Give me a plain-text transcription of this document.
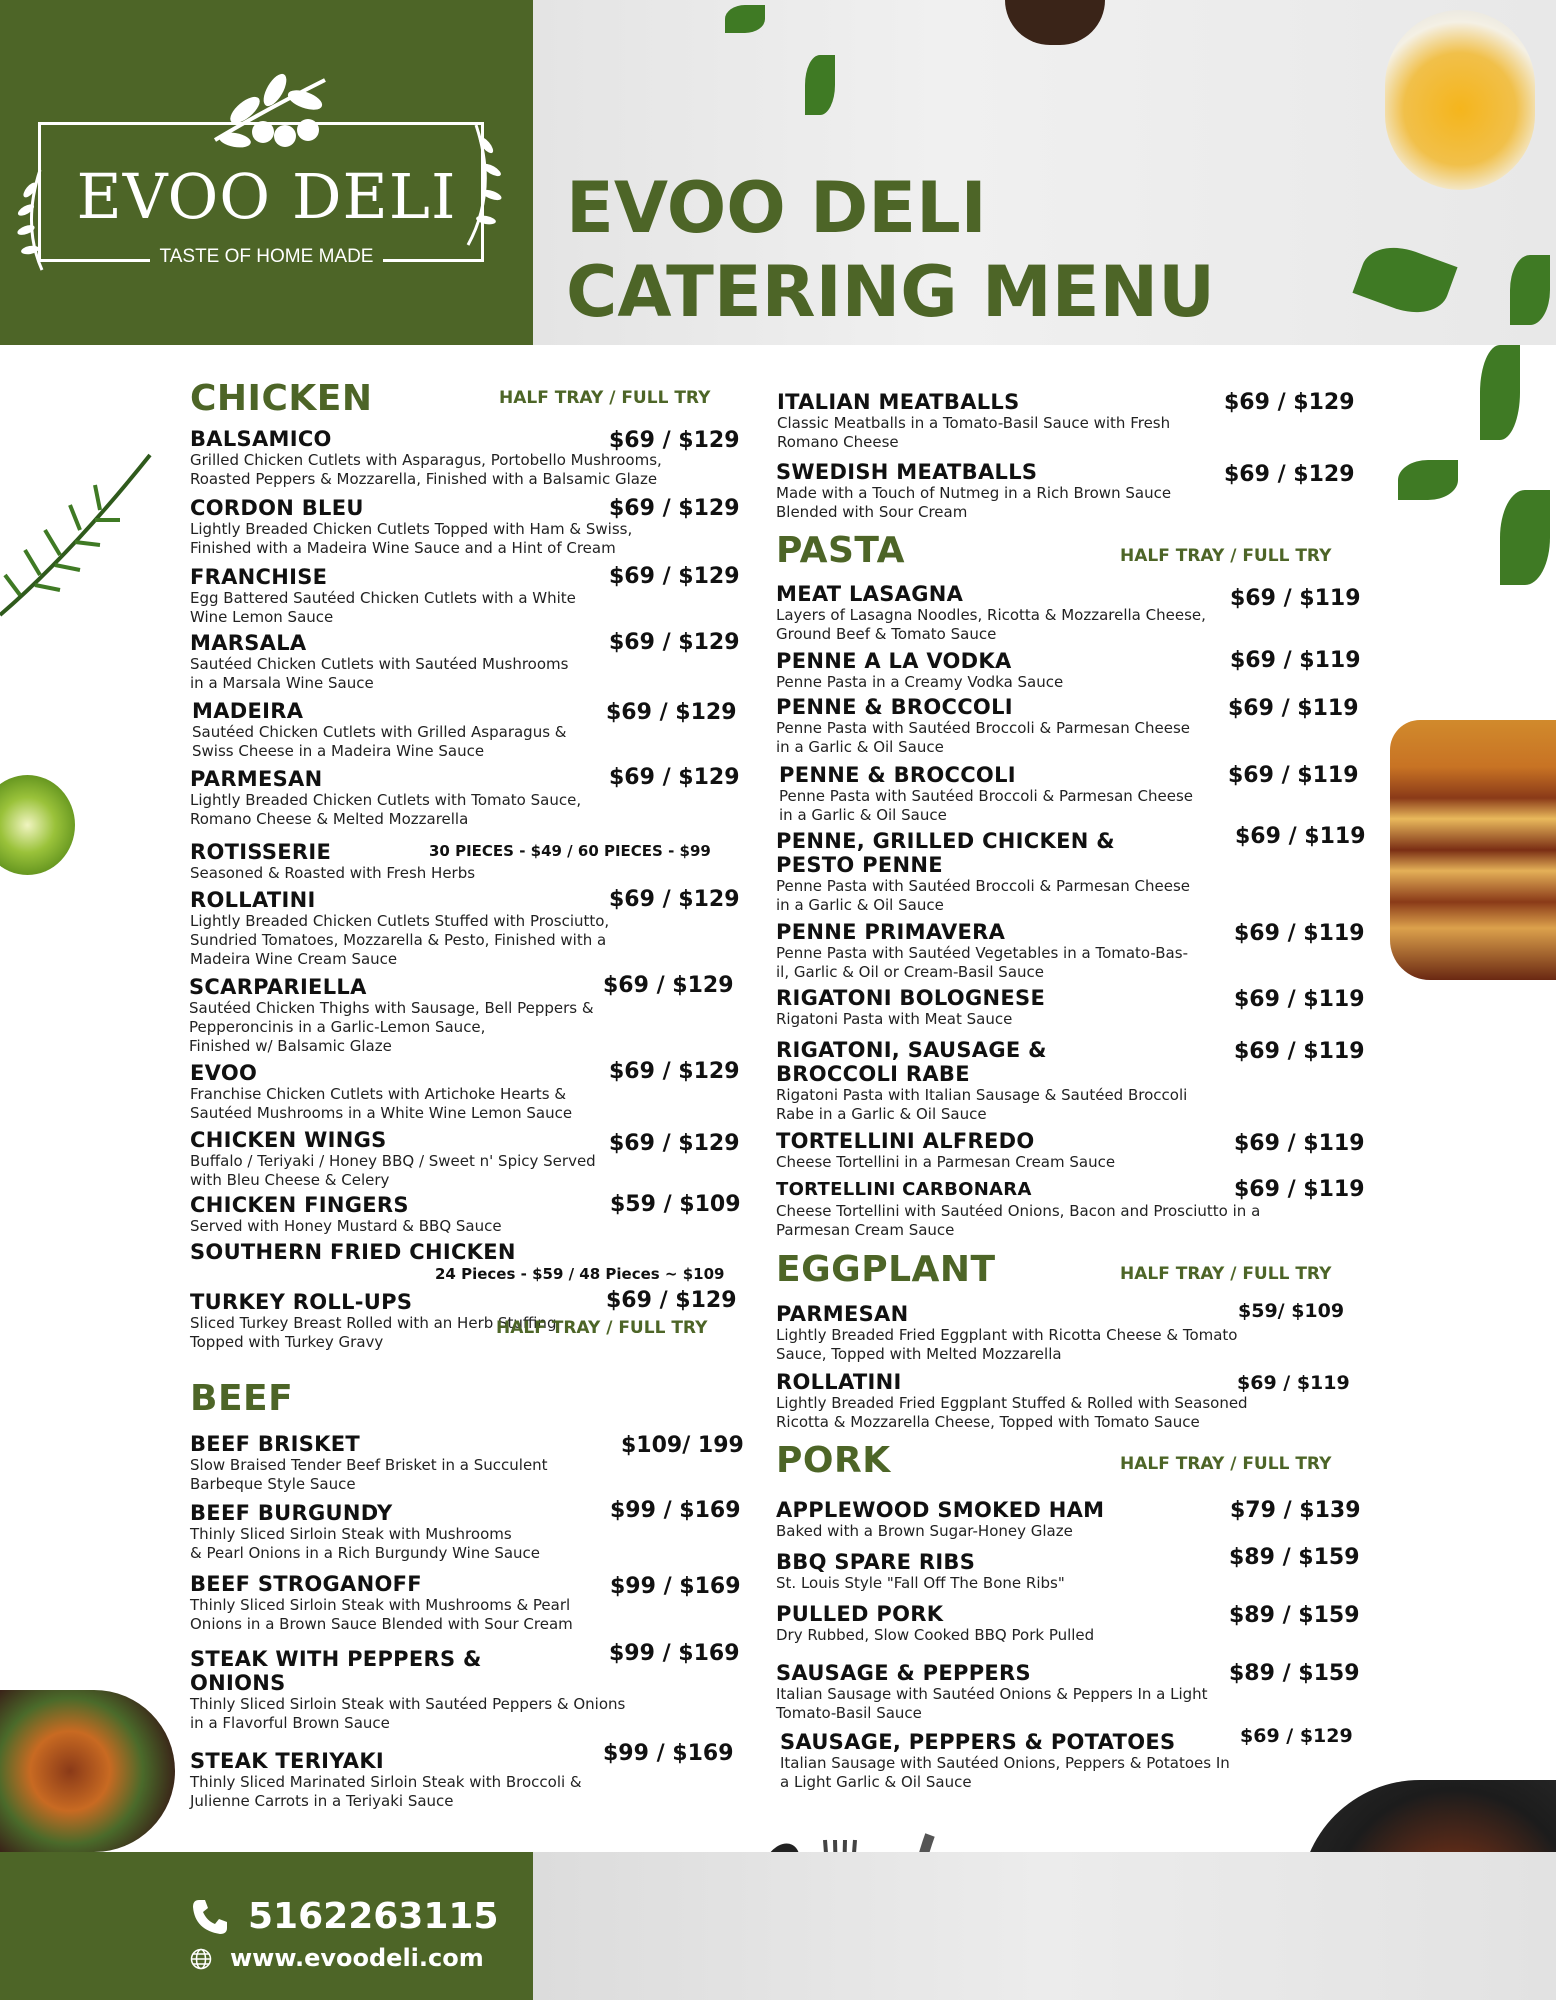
EVOO DELI
TASTE OF HOME MADE
EVOO DELI
CATERING MENU
CHICKEN	HALF TRAY / FULL TRY
BALSAMICO
Grilled Chicken Cutlets with Asparagus, Portobello Mushrooms,
Roasted Peppers & Mozzarella, Finished with a Balsamic Glaze
$69 / $129
CORDON BLEU
Lightly Breaded Chicken Cutlets Topped with Ham & Swiss,
Finished with a Madeira Wine Sauce and a Hint of Cream
$69 / $129
FRANCHISE
Egg Battered Sautéed Chicken Cutlets with a White
Wine Lemon Sauce
$69 / $129
MARSALA
Sautéed Chicken Cutlets with Sautéed Mushrooms
in a Marsala Wine Sauce
$69 / $129
MADEIRA
Sautéed Chicken Cutlets with Grilled Asparagus &
Swiss Cheese in a Madeira Wine Sauce
$69 / $129
PARMESAN
Lightly Breaded Chicken Cutlets with Tomato Sauce,
Romano Cheese & Melted Mozzarella
$69 / $129
ROTISSERIE
Seasoned & Roasted with Fresh Herbs
30 PIECES - $49 / 60 PIECES - $99
ROLLATINI
Lightly Breaded Chicken Cutlets Stuffed with Prosciutto,
Sundried Tomatoes, Mozzarella & Pesto, Finished with a
Madeira Wine Cream Sauce
$69 / $129
SCARPARIELLA
Sautéed Chicken Thighs with Sausage, Bell Peppers &
Pepperoncinis in a Garlic-Lemon Sauce,
Finished w/ Balsamic Glaze
$69 / $129
EVOO
Franchise Chicken Cutlets with Artichoke Hearts &
Sautéed Mushrooms in a White Wine Lemon Sauce
$69 / $129
CHICKEN WINGS
Buffalo / Teriyaki / Honey BBQ / Sweet n' Spicy Served
with Bleu Cheese & Celery
$69 / $129
CHICKEN FINGERS
Served with Honey Mustard & BBQ Sauce
$59 / $109
SOUTHERN FRIED CHICKEN
24 Pieces - $59 / 48 Pieces ~ $109
TURKEY ROLL-UPS
Sliced Turkey Breast Rolled with an Herb Stuffing
Topped with Turkey Gravy
$69 / $129
HALF TRAY / FULL TRY
BEEF
BEEF BRISKET
Slow Braised Tender Beef Brisket in a Succulent
Barbeque Style Sauce
$109/ 199
BEEF BURGUNDY
Thinly Sliced Sirloin Steak with Mushrooms
& Pearl Onions in a Rich Burgundy Wine Sauce
$99 / $169
BEEF STROGANOFF
Thinly Sliced Sirloin Steak with Mushrooms & Pearl
Onions in a Brown Sauce Blended with Sour Cream
$99 / $169
STEAK WITH PEPPERS &
ONIONS
Thinly Sliced Sirloin Steak with Sautéed Peppers & Onions
in a Flavorful Brown Sauce
$99 / $169
STEAK TERIYAKI
Thinly Sliced Marinated Sirloin Steak with Broccoli &
Julienne Carrots in a Teriyaki Sauce
$99 / $169
ITALIAN MEATBALLS
Classic Meatballs in a Tomato-Basil Sauce with Fresh
Romano Cheese
$69 / $129
SWEDISH MEATBALLS
Made with a Touch of Nutmeg in a Rich Brown Sauce
Blended with Sour Cream
$69 / $129
PASTA	HALF TRAY / FULL TRY
MEAT LASAGNA
Layers of Lasagna Noodles, Ricotta & Mozzarella Cheese,
Ground Beef & Tomato Sauce
$69 / $119
PENNE A LA VODKA
Penne Pasta in a Creamy Vodka Sauce
$69 / $119
PENNE & BROCCOLI
Penne Pasta with Sautéed Broccoli & Parmesan Cheese
in a Garlic & Oil Sauce
$69 / $119
PENNE & BROCCOLI
Penne Pasta with Sautéed Broccoli & Parmesan Cheese
in a Garlic & Oil Sauce
$69 / $119
PENNE, GRILLED CHICKEN &
PESTO PENNE
Penne Pasta with Sautéed Broccoli & Parmesan Cheese
in a Garlic & Oil Sauce
$69 / $119
PENNE PRIMAVERA
Penne Pasta with Sautéed Vegetables in a Tomato-Bas-
il, Garlic & Oil or Cream-Basil Sauce
$69 / $119
RIGATONI BOLOGNESE
Rigatoni Pasta with Meat Sauce
$69 / $119
RIGATONI, SAUSAGE &
BROCCOLI RABE
Rigatoni Pasta with Italian Sausage & Sautéed Broccoli
Rabe in a Garlic & Oil Sauce
$69 / $119
TORTELLINI ALFREDO
Cheese Tortellini in a Parmesan Cream Sauce
$69 / $119
TORTELLINI CARBONARA
Cheese Tortellini with Sautéed Onions, Bacon and Prosciutto in a
Parmesan Cream Sauce
$69 / $119
EGGPLANT	HALF TRAY / FULL TRY
PARMESAN
Lightly Breaded Fried Eggplant with Ricotta Cheese & Tomato
Sauce, Topped with Melted Mozzarella
$59/ $109
ROLLATINI
Lightly Breaded Fried Eggplant Stuffed & Rolled with Seasoned
Ricotta & Mozzarella Cheese, Topped with Tomato Sauce
$69 / $119
PORK	HALF TRAY / FULL TRY
APPLEWOOD SMOKED HAM
Baked with a Brown Sugar-Honey Glaze
$79 / $139
BBQ SPARE RIBS
St. Louis Style "Fall Off The Bone Ribs"
$89 / $159
PULLED PORK
Dry Rubbed, Slow Cooked BBQ Pork Pulled
$89 / $159
SAUSAGE & PEPPERS
Italian Sausage with Sautéed Onions & Peppers In a Light
Tomato-Basil Sauce
$89 / $159
SAUSAGE, PEPPERS & POTATOES
Italian Sausage with Sautéed Onions, Peppers & Potatoes In
a Light Garlic & Oil Sauce
$69 / $129
5162263115
www.evoodeli.com
